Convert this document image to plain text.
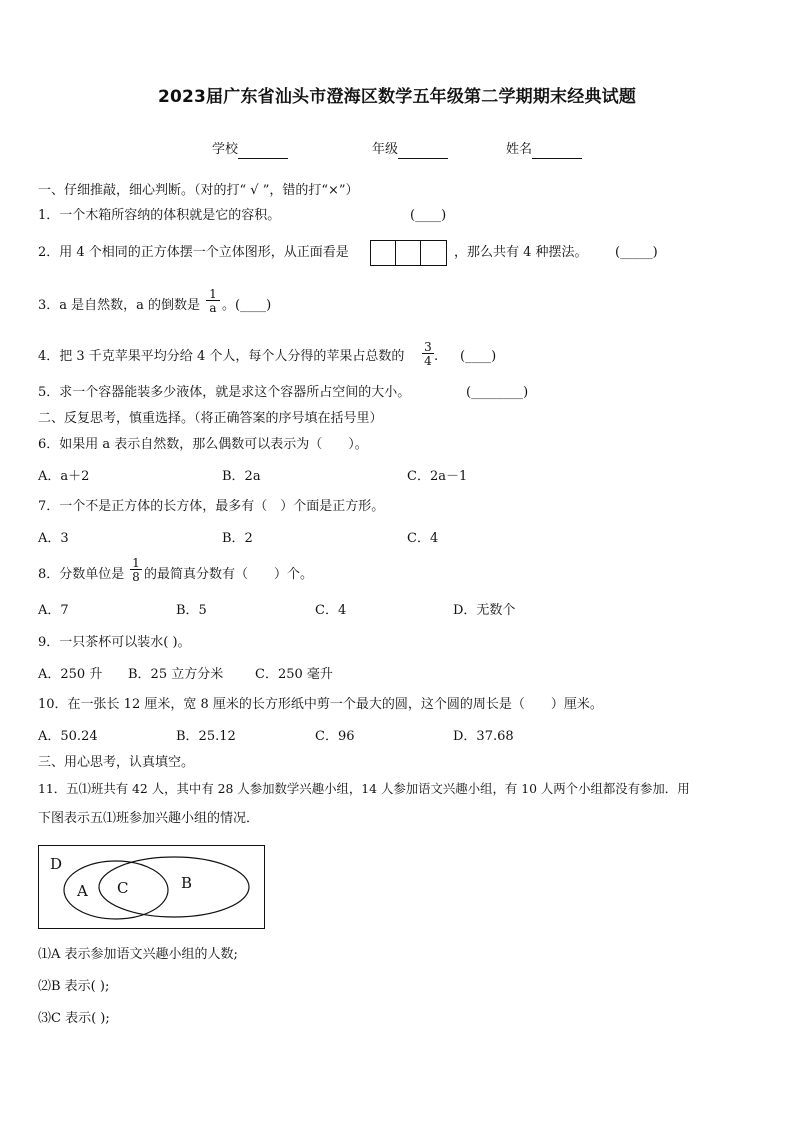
2023届广东省汕头市澄海区数学五年级第二学期期末经典试题
学校	年级	姓名
一、仔细推敲，细心判断。（对的打“ √ ”，错的打“×”）
1．一个木箱所容纳的体积就是它的容积。	(____)
2．用 4 个相同的正方体摆一个立体图形，从正面看是	，那么共有 4 种摆法。 (_____)
3．a 是自然数，a 的倒数是 $\frac{1}{a}$ 。(____)
4．把 3 千克苹果平均分给 4 个人，每个人分得的苹果占总数的 $\frac{3}{4}$ . (____)
5．求一个容器能装多少液体，就是求这个容器所占空间的大小。	(________)
二、反复思考，慎重选择。（将正确答案的序号填在括号里）
6．如果用 a 表示自然数，那么偶数可以表示为（　　）。
A．a＋2	B．2a	C．2a－1
7．一个不是正方体的长方体，最多有（　）个面是正方形。
A．3	B．2	C．4
8．分数单位是 $\frac{1}{8}$ 的最简真分数有（　　）个。
A．7	B．5	C．4	D．无数个
9．一只茶杯可以装水( )。
A．250 升 B．25 立方分米 C．250 毫升
10．在一张长 12 厘米，宽 8 厘米的长方形纸中剪一个最大的圆，这个圆的周长是（　　）厘米。
A．50.24	B．25.12	C．96	D．37.68
三、用心思考，认真填空。
11．五⑴班共有 42 人，其中有 28 人参加数学兴趣小组，14 人参加语文兴趣小组，有 10 人两个小组都没有参加．用
下图表示五⑴班参加兴趣小组的情况．
D
A C	B
⑴A 表示参加语文兴趣小组的人数;
⑵B 表示( );
⑶C 表示( );
